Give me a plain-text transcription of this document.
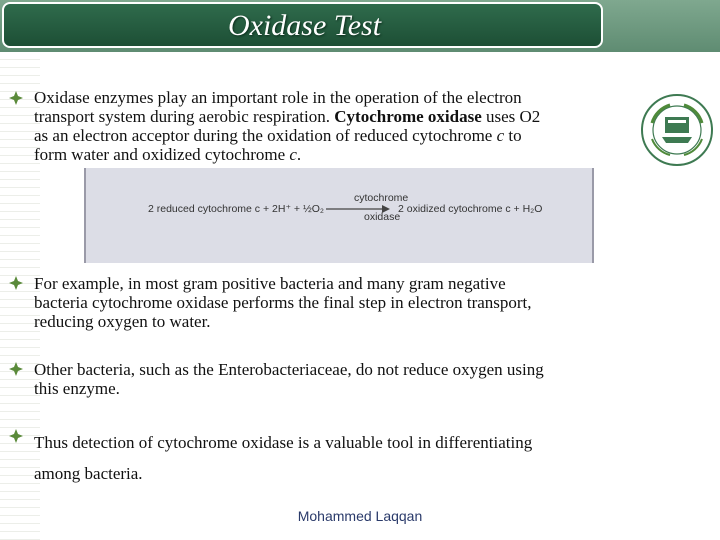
Oxidase Test
Oxidase enzymes play an important role in the operation of the electron
transport system during aerobic respiration. Cytochrome oxidase uses O2
as an electron acceptor during the oxidation of reduced cytochrome c to
form water and oxidized cytochrome c.
2 reduced cytochrome c + 2H⁺ + ½O₂
cytochrome
oxidase
2 oxidized cytochrome c + H₂O
For example, in most gram positive bacteria and many gram negative
bacteria cytochrome oxidase performs the final step in electron transport,
reducing oxygen to water.
Other bacteria, such as the Enterobacteriaceae, do not reduce oxygen using
this enzyme.
Thus detection of cytochrome oxidase is a valuable tool in differentiating
among bacteria.
Mohammed Laqqan
